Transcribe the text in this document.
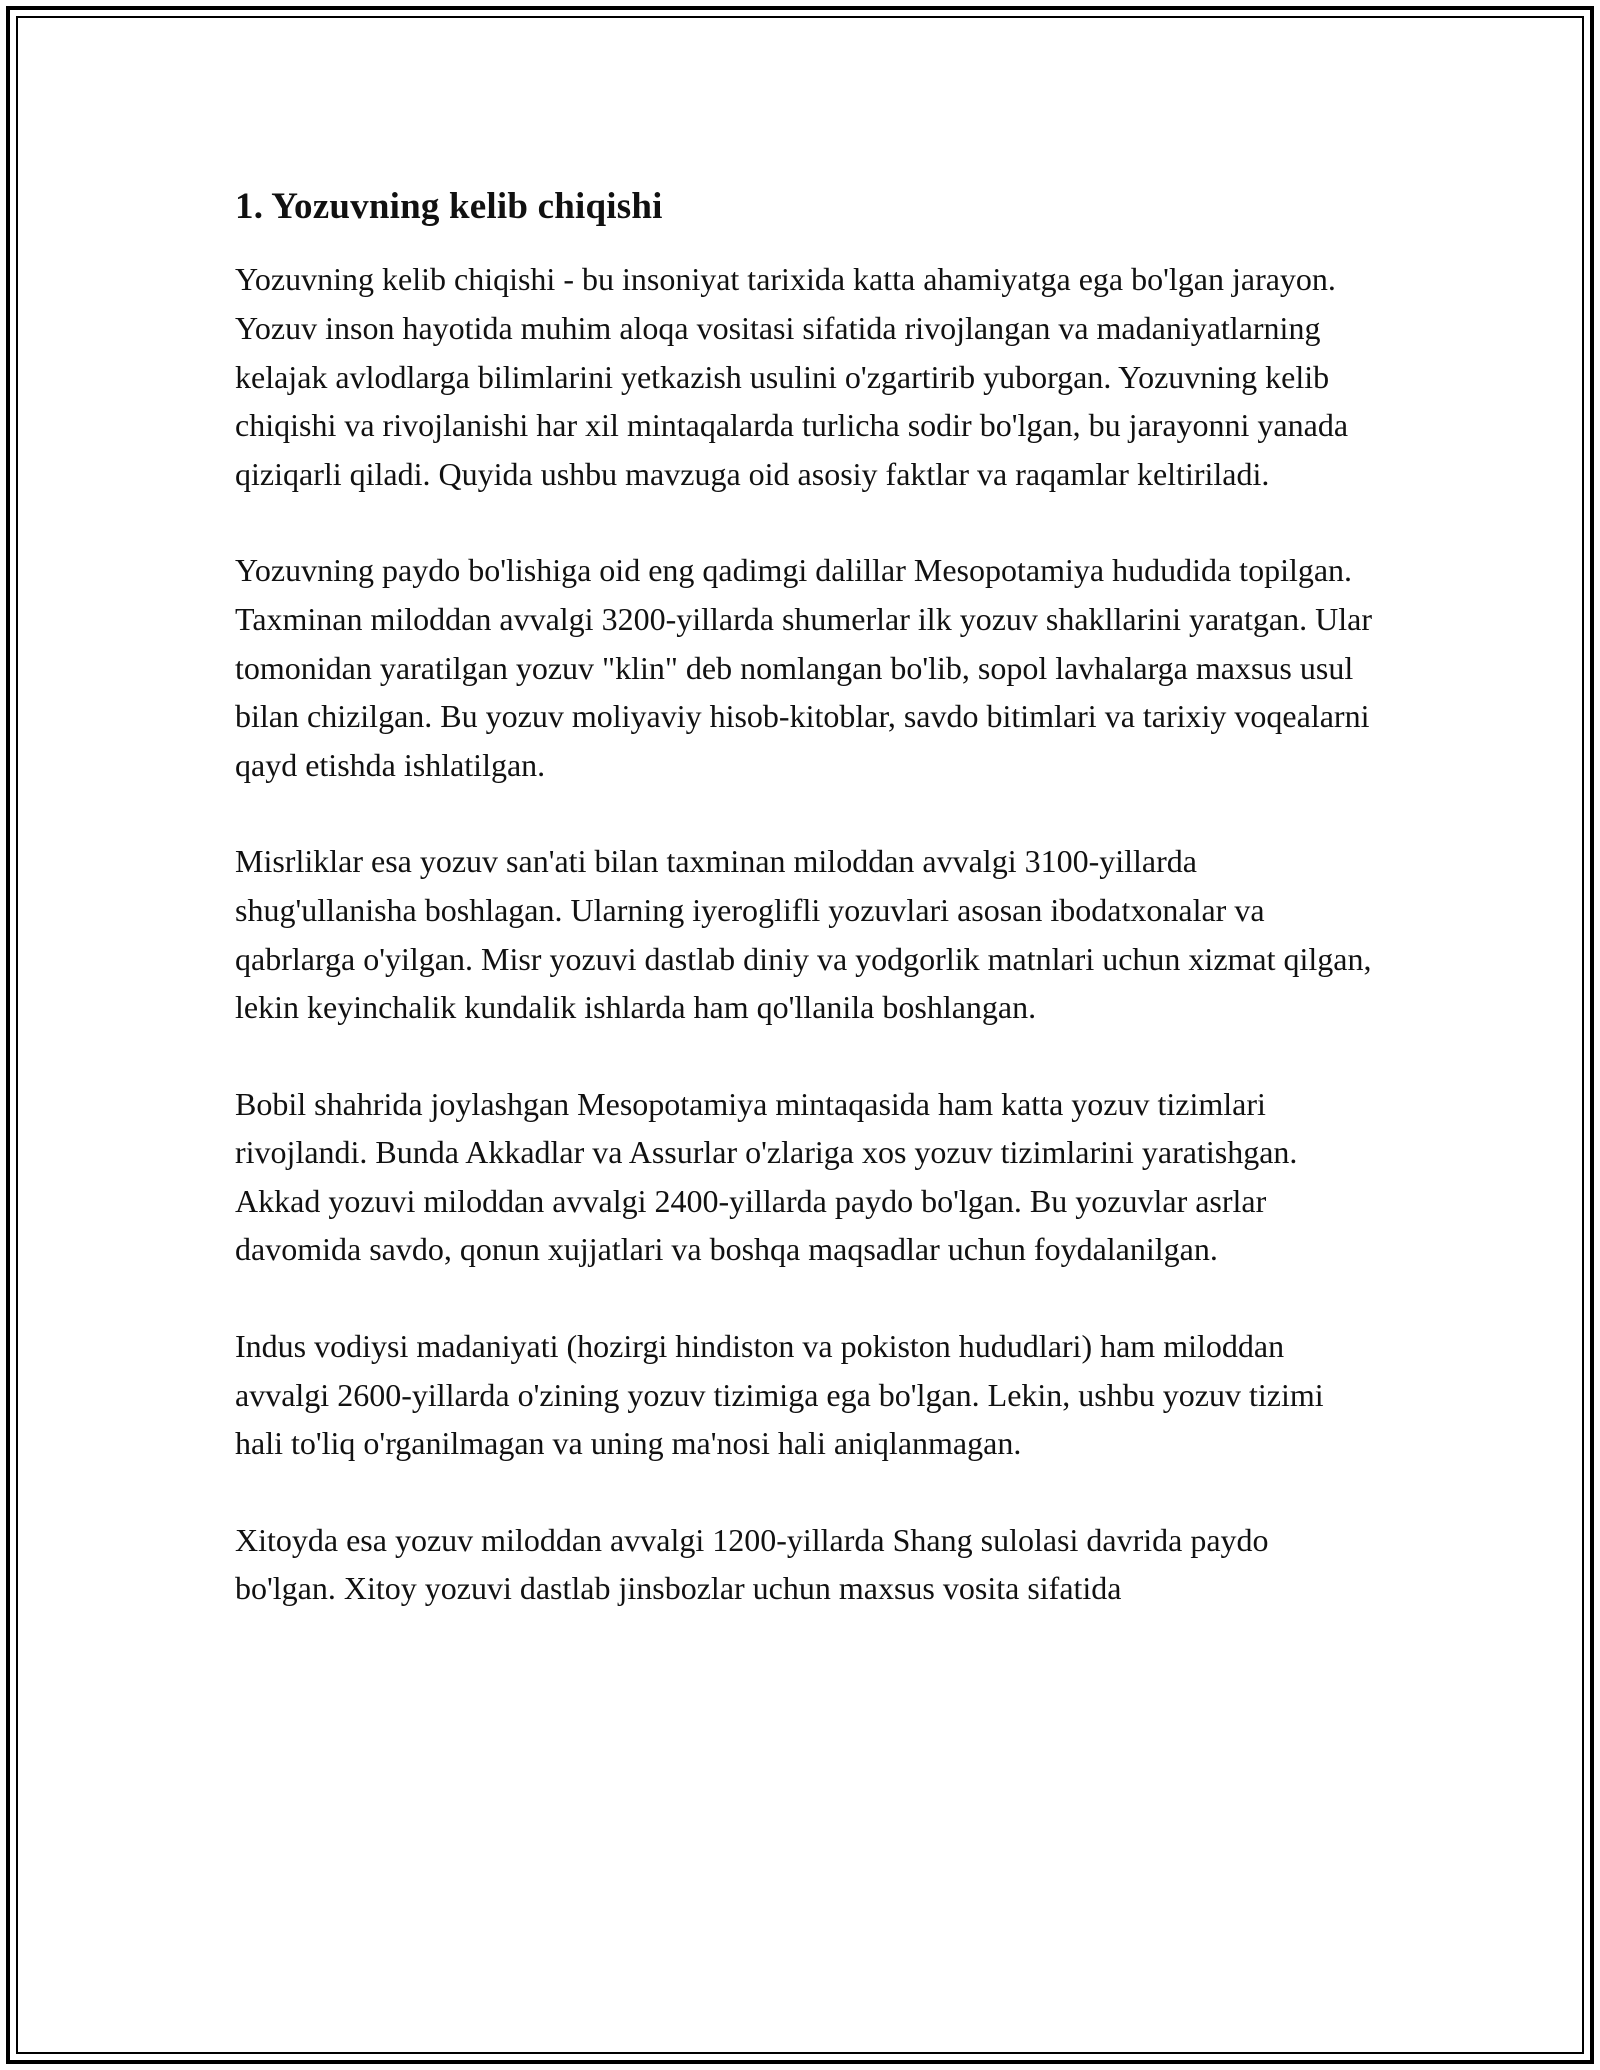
1. Yozuvning kelib chiqishi

Yozuvning kelib chiqishi - bu insoniyat tarixida katta ahamiyatga ega bo'lgan jarayon. Yozuv inson hayotida muhim aloqa vositasi sifatida rivojlangan va madaniyatlarning kelajak avlodlarga bilimlarini yetkazish usulini o'zgartirib yuborgan. Yozuvning kelib chiqishi va rivojlanishi har xil mintaqalarda turlicha sodir bo'lgan, bu jarayonni yanada qiziqarli qiladi. Quyida ushbu mavzuga oid asosiy faktlar va raqamlar keltiriladi.

Yozuvning paydo bo'lishiga oid eng qadimgi dalillar Mesopotamiya hududida topilgan. Taxminan miloddan avvalgi 3200-yillarda shumerlar ilk yozuv shakllarini yaratgan. Ular tomonidan yaratilgan yozuv "klin" deb nomlangan bo'lib, sopol lavhalarga maxsus usul bilan chizilgan. Bu yozuv moliyaviy hisob-kitoblar, savdo bitimlari va tarixiy voqealarni qayd etishda ishlatilgan.

Misrliklar esa yozuv san'ati bilan taxminan miloddan avvalgi 3100-yillarda shug'ullanisha boshlagan. Ularning iyeroglifli yozuvlari asosan ibodatxonalar va qabrlarga o'yilgan. Misr yozuvi dastlab diniy va yodgorlik matnlari uchun xizmat qilgan, lekin keyinchalik kundalik ishlarda ham qo'llanila boshlangan.

Bobil shahrida joylashgan Mesopotamiya mintaqasida ham katta yozuv tizimlari rivojlandi. Bunda Akkadlar va Assurlar o'zlariga xos yozuv tizimlarini yaratishgan. Akkad yozuvi miloddan avvalgi 2400-yillarda paydo bo'lgan. Bu yozuvlar asrlar davomida savdo, qonun xujjatlari va boshqa maqsadlar uchun foydalanilgan.

Indus vodiysi madaniyati (hozirgi hindiston va pokiston hududlari) ham miloddan avvalgi 2600-yillarda o'zining yozuv tizimiga ega bo'lgan. Lekin, ushbu yozuv tizimi hali to'liq o'rganilmagan va uning ma'nosi hali aniqlanmagan.

Xitoyda esa yozuv miloddan avvalgi 1200-yillarda Shang sulolasi davrida paydo bo'lgan. Xitoy yozuvi dastlab jinsbozlar uchun maxsus vosita sifatida
